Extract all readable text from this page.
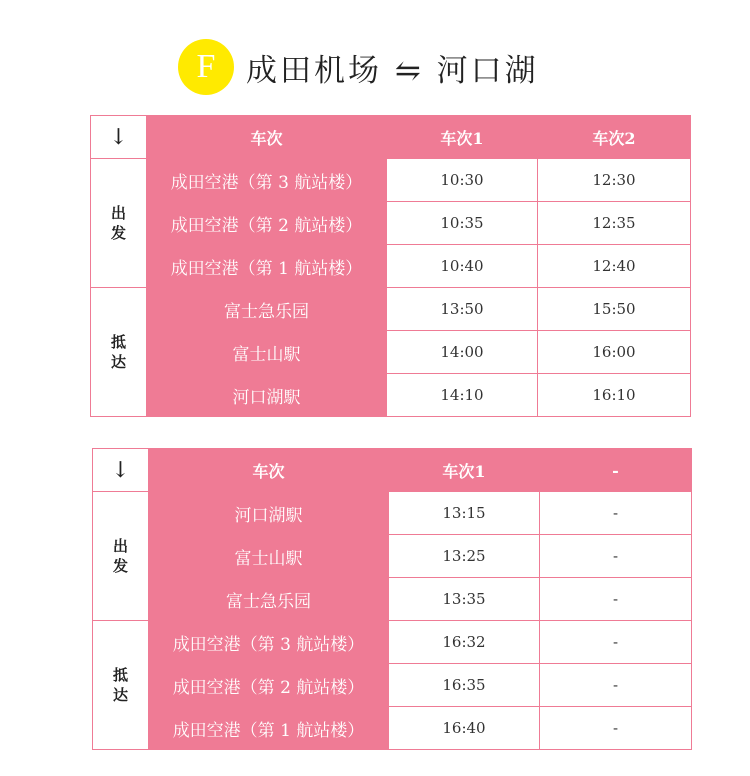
F 成田机场 ⇋ 河口湖
↓	车次	车次1	车次2

出
发	成田空港（第 3 航站楼）	10:30	12:30
	成田空港（第 2 航站楼）	10:35	12:35
	成田空港（第 1 航站楼）	10:40	12:40

抵
达	富士急乐园	13:50	15:50
	富士山駅	14:00	16:00
	河口湖駅	14:10	16:10
↓	车次	车次1	-

出
发	河口湖駅	13:15	-
	富士山駅	13:25	-
	富士急乐园	13:35	-

抵
达	成田空港（第 3 航站楼）	16:32	-
	成田空港（第 2 航站楼）	16:35	-
	成田空港（第 1 航站楼）	16:40	-
